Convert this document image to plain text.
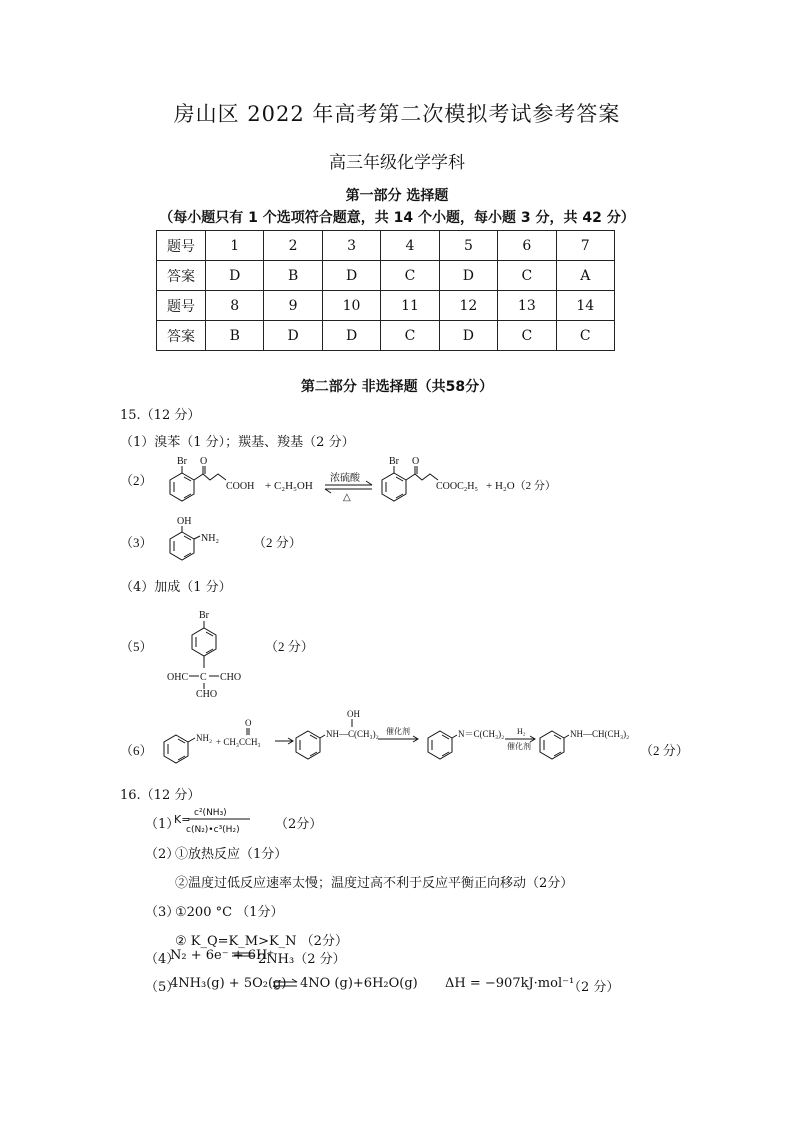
房山区 2022 年高考第二次模拟考试参考答案
高三年级化学学科
第一部分 选择题
（每小题只有 1 个选项符合题意，共 14 个小题，每小题 3 分，共 42 分）
题号	1	2	3	4	5	6	7
答案	D	B	D	C	D	C	A
题号	8	9	10	11	12	13	14
答案	B	D	D	C	D	C	C
第二部分 非选择题（共58分）
15.（12 分）
（1）溴苯（1 分）；羰基、羧基（2 分）
（4）加成（1 分）
（2）
Br O
COOH + C₂H₅OH
浓硫酸
△
Br O
COOC₂H₅ + H₂O（2 分）
（3）
OH
NH₂	（2 分）
（5）
Br
OHC C CHO
CHO
（2 分）
（6）
NH₂ + CH₃CCH₃
O
NH—C(CH₃)₂
OH
催化剂	N＝C(CH₃)₂ H₂
催化剂
NH—CH(CH₃)₂
（2 分）
K= c²(NH₃)
c(N₂)•c³(H₂)
16.（12 分）
（1）	（2分）
（2）
①放热反应（1分）
②温度过低反应速率太慢；温度过高不利于反应平衡正向移动（2分）
（3）
①200 °C （1分）
② K_Q=K_M>K_N （2分）
（4）
N₂ + 6e⁻ + 6H⁺
2NH₃（2 分）
（5）
4NH₃(g) + 5O₂(g) 4NO (g)+6H₂O(g) ΔH = −907kJ·mol⁻¹
（2 分）
